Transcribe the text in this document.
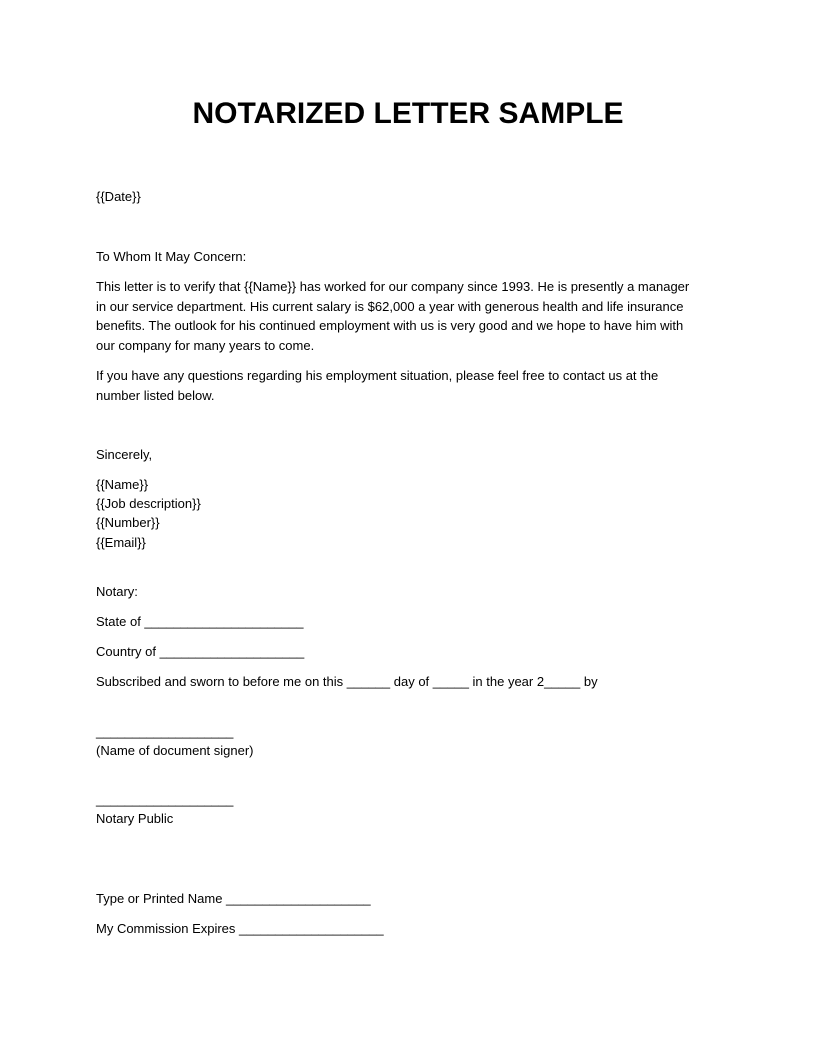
NOTARIZED LETTER SAMPLE
{{Date}}
To Whom It May Concern:
This letter is to verify that {{Name}} has worked for our company since 1993. He is presently a manager
in our service department. His current salary is $62,000 a year with generous health and life insurance
benefits. The outlook for his continued employment with us is very good and we hope to have him with
our company for many years to come.
If you have any questions regarding his employment situation, please feel free to contact us at the
number listed below.
Sincerely,
{{Name}}
{{Job description}}
{{Number}}
{{Email}}
Notary:
State of ______________________
Country of ____________________
Subscribed and sworn to before me on this ______ day of _____ in the year 2_____ by
___________________
(Name of document signer)
___________________
Notary Public
Type or Printed Name ____________________
My Commission Expires ____________________
